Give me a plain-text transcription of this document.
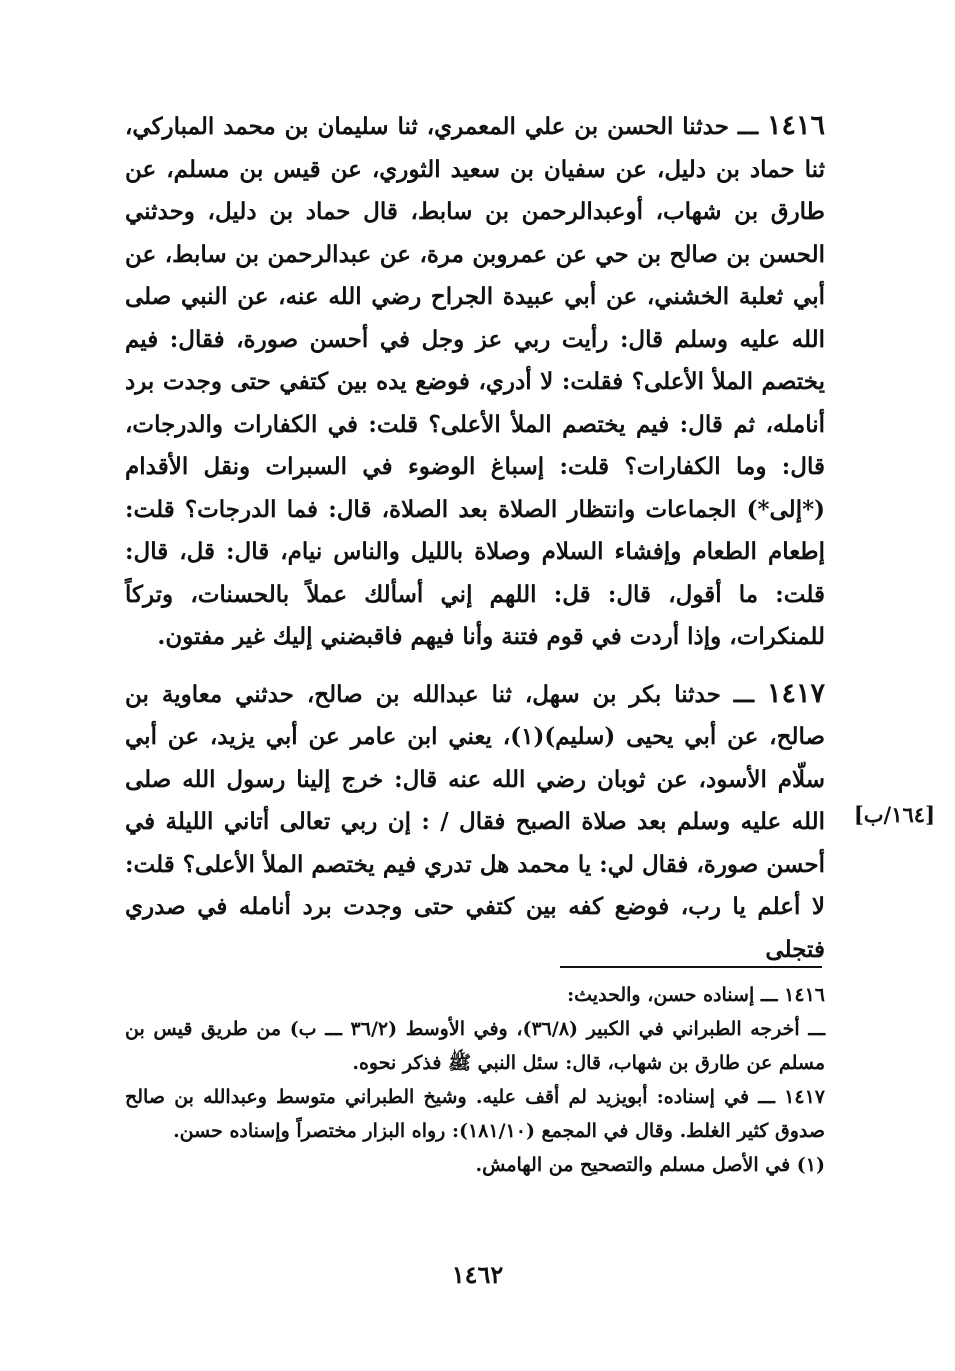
١٤١٦ ـــ حدثنا الحسن بن علي المعمري، ثنا سليمان بن محمد المباركي، ثنا حماد بن دليل، عن سفيان بن سعيد الثوري، عن قيس بن مسلم، عن طارق بن شهاب، أوعبدالرحمن بن سابط، قال حماد بن دليل، وحدثني الحسن بن صالح بن حي عن عمروبن مرة، عن عبدالرحمن بن سابط، عن أبي ثعلبة الخشني، عن أبي عبيدة الجراح رضي الله عنه، عن النبي صلى الله عليه وسلم قال: رأيت ربي عز وجل في أحسن صورة، فقال: فيم يختصم الملأ الأعلى؟ فقلت: لا أدري، فوضع يده بين كتفي حتى وجدت برد أنامله، ثم قال: فيم يختصم الملأ الأعلى؟ قلت: في الكفارات والدرجات، قال: وما الكفارات؟ قلت: إسباغ الوضوء في السبرات ونقل الأقدام (*إلى*) الجماعات وانتظار الصلاة بعد الصلاة، قال: فما الدرجات؟ قلت: إطعام الطعام وإفشاء السلام وصلاة بالليل والناس نيام، قال: قل، قال: قلت: ما أقول، قال: قل: اللهم إني أسألك عملاً بالحسنات، وتركاً للمنكرات، وإذا أردت في قوم فتنة وأنا فيهم فاقبضني إليك غير مفتون.

١٤١٧ ـــ حدثنا بكر بن سهل، ثنا عبدالله بن صالح، حدثني معاوية بن صالح، عن أبي يحيى (سليم)(١)، يعني ابن عامر عن أبي يزيد، عن أبي سلّام الأسود، عن ثوبان رضي الله عنه قال: خرج إلينا رسول الله صلى الله عليه وسلم بعد صلاة الصبح فقال / : إن ربي تعالى أتاني الليلة في أحسن صورة، فقال لي: يا محمد هل تدري فيم يختصم الملأ الأعلى؟ قلت: لا أعلم يا رب، فوضع كفه بين كتفي حتى وجدت برد أنامله في صدري فتجلى

[١٦٤/ب]

١٤١٦ ـــ إسناده حسن، والحديث:

ـــ أخرجه الطبراني في الكبير (٣٦/٨)، وفي الأوسط (٣٦/٢ ـــ ب) من طريق قيس بن مسلم عن طارق بن شهاب، قال: سئل النبي ﷺ فذكر نحوه.

١٤١٧ ـــ في إسناده: أبويزيد لم أقف عليه. وشيخ الطبراني متوسط وعبدالله بن صالح صدوق كثير الغلط. وقال في المجمع (١٨١/١٠): رواه البزار مختصراً وإسناده حسن.

(١) في الأصل مسلم والتصحيح من الهامش.

١٤٦٢
